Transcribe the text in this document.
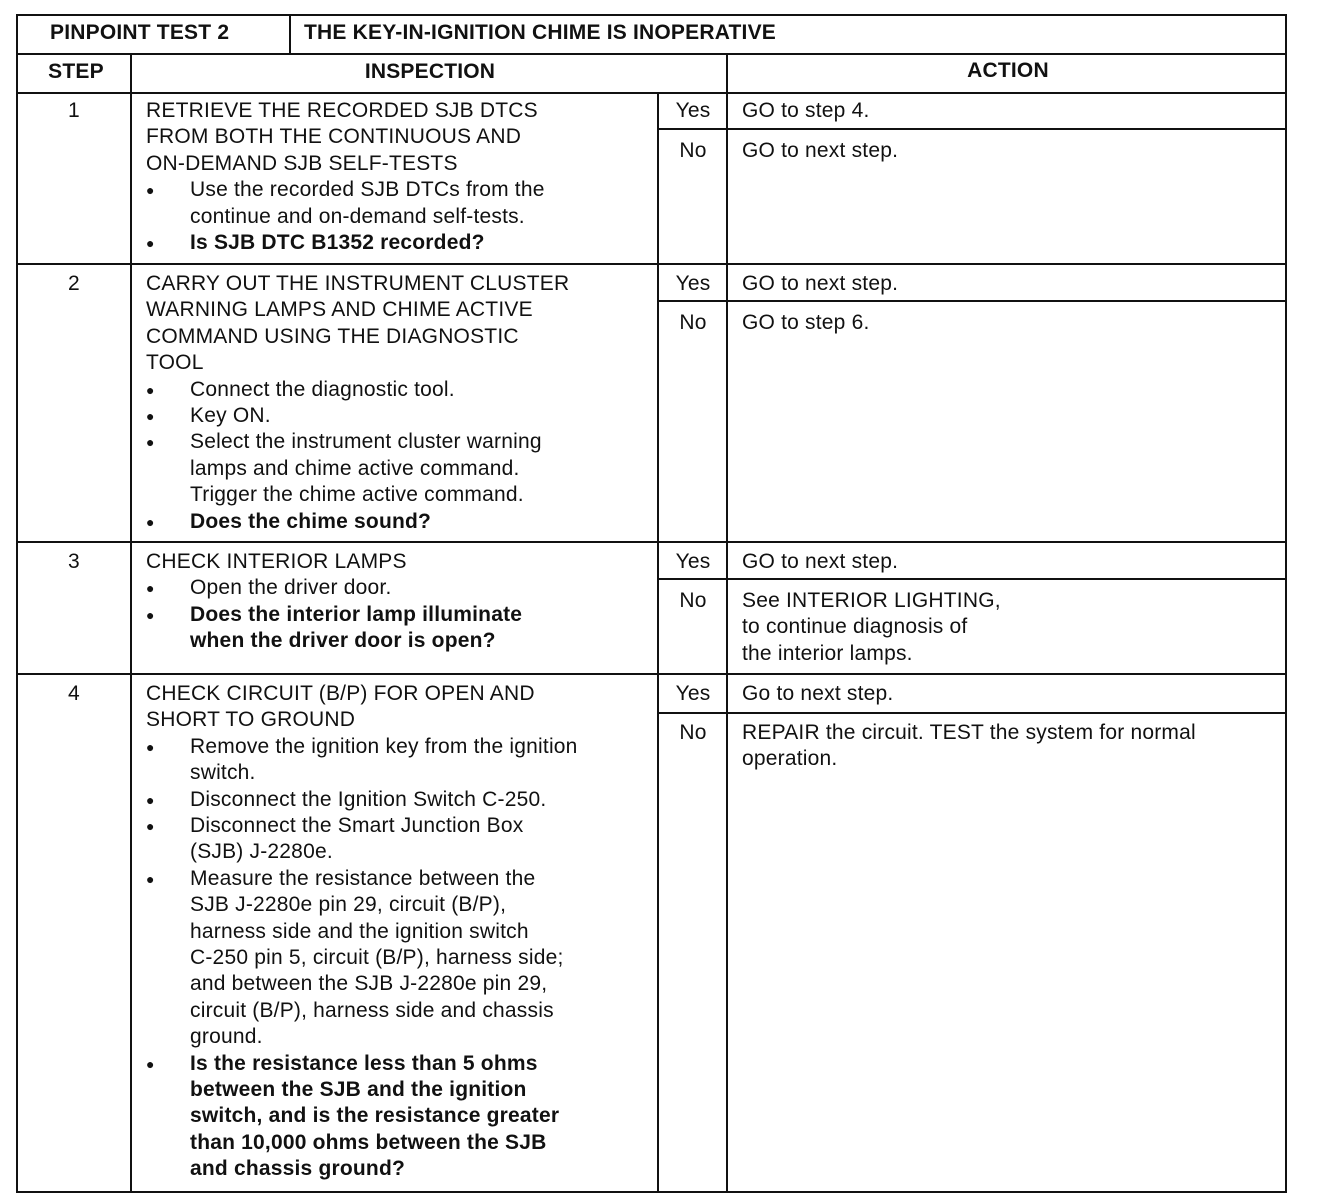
PINPOINT TEST 2	THE KEY-IN-IGNITION CHIME IS INOPERATIVE
STEP	INSPECTION	ACTION
1	RETRIEVE THE RECORDED SJB DTCS
FROM BOTH THE CONTINUOUS AND
ON-DEMAND SJB SELF-TESTS
● Use the recorded SJB DTCs from the
continue and on-demand self-tests.
● Is SJB DTC B1352 recorded?
Yes	GO to step 4.
No	GO to next step.
2	CARRY OUT THE INSTRUMENT CLUSTER
WARNING LAMPS AND CHIME ACTIVE
COMMAND USING THE DIAGNOSTIC
TOOL
● Connect the diagnostic tool.
● Key ON.
● Select the instrument cluster warning
lamps and chime active command.
Trigger the chime active command.
● Does the chime sound?
Yes	GO to next step.
No	GO to step 6.
3	CHECK INTERIOR LAMPS
● Open the driver door.
● Does the interior lamp illuminate
when the driver door is open?
Yes	GO to next step.
No	See INTERIOR LIGHTING,
to continue diagnosis of
the interior lamps.
4	CHECK CIRCUIT (B/P) FOR OPEN AND
SHORT TO GROUND
● Remove the ignition key from the ignition
switch.
● Disconnect the Ignition Switch C-250.
● Disconnect the Smart Junction Box
(SJB) J-2280e.
● Measure the resistance between the
SJB J-2280e pin 29, circuit (B/P),
harness side and the ignition switch
C-250 pin 5, circuit (B/P), harness side;
and between the SJB J-2280e pin 29,
circuit (B/P), harness side and chassis
ground.
● Is the resistance less than 5 ohms
between the SJB and the ignition
switch, and is the resistance greater
than 10,000 ohms between the SJB
and chassis ground?
Yes	Go to next step.
No	REPAIR the circuit. TEST the system for normal
operation.
